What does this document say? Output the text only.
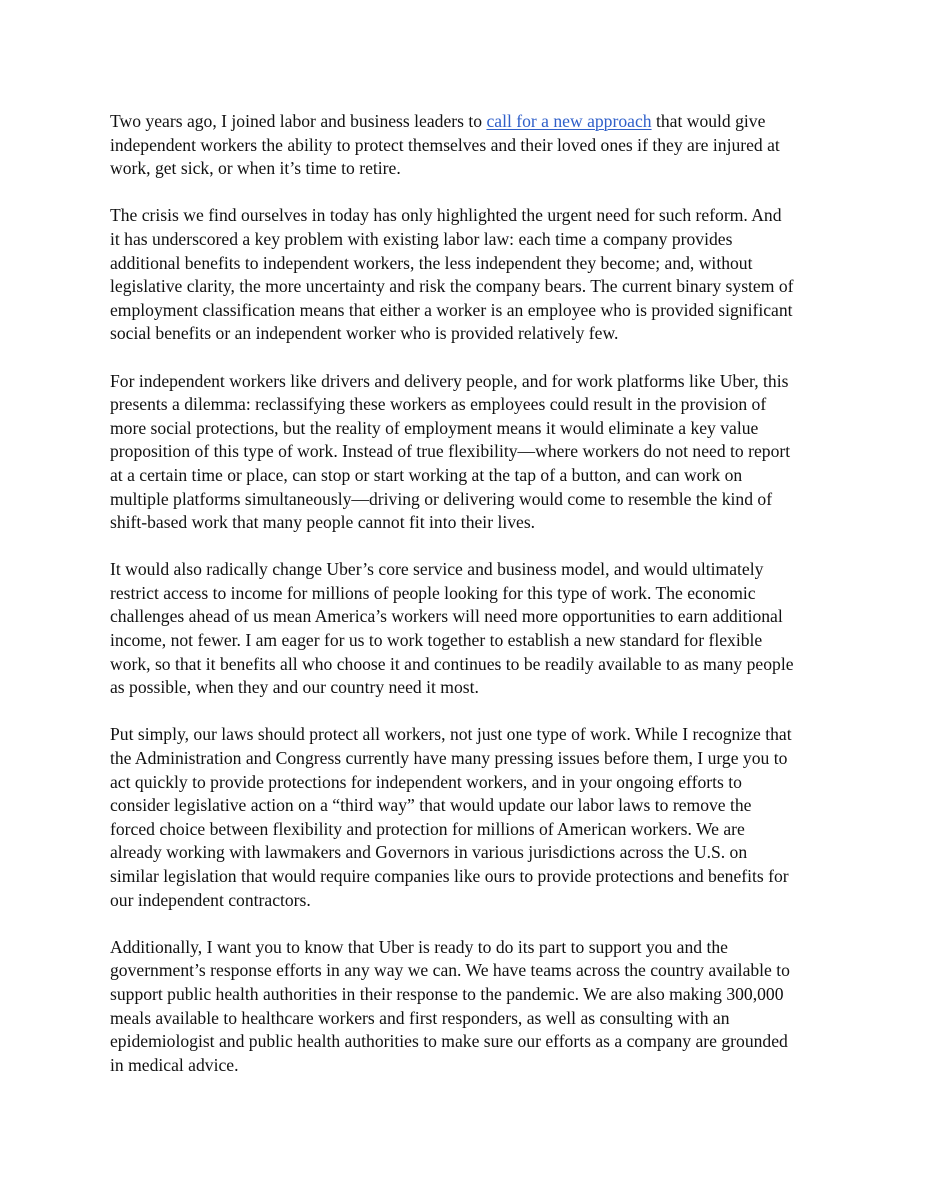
Two years ago, I joined labor and business leaders to call for a new approach that would give
independent workers the ability to protect themselves and their loved ones if they are injured at
work, get sick, or when it’s time to retire.

The crisis we find ourselves in today has only highlighted the urgent need for such reform. And
it has underscored a key problem with existing labor law: each time a company provides
additional benefits to independent workers, the less independent they become; and, without
legislative clarity, the more uncertainty and risk the company bears. The current binary system of
employment classification means that either a worker is an employee who is provided significant
social benefits or an independent worker who is provided relatively few.

For independent workers like drivers and delivery people, and for work platforms like Uber, this
presents a dilemma: reclassifying these workers as employees could result in the provision of
more social protections, but the reality of employment means it would eliminate a key value
proposition of this type of work. Instead of true flexibility—where workers do not need to report
at a certain time or place, can stop or start working at the tap of a button, and can work on
multiple platforms simultaneously—driving or delivering would come to resemble the kind of
shift-based work that many people cannot fit into their lives.

It would also radically change Uber’s core service and business model, and would ultimately
restrict access to income for millions of people looking for this type of work. The economic
challenges ahead of us mean America’s workers will need more opportunities to earn additional
income, not fewer. I am eager for us to work together to establish a new standard for flexible
work, so that it benefits all who choose it and continues to be readily available to as many people
as possible, when they and our country need it most.

Put simply, our laws should protect all workers, not just one type of work. While I recognize that
the Administration and Congress currently have many pressing issues before them, I urge you to
act quickly to provide protections for independent workers, and in your ongoing efforts to
consider legislative action on a “third way” that would update our labor laws to remove the
forced choice between flexibility and protection for millions of American workers. We are
already working with lawmakers and Governors in various jurisdictions across the U.S. on
similar legislation that would require companies like ours to provide protections and benefits for
our independent contractors.

Additionally, I want you to know that Uber is ready to do its part to support you and the
government’s response efforts in any way we can. We have teams across the country available to
support public health authorities in their response to the pandemic. We are also making 300,000
meals available to healthcare workers and first responders, as well as consulting with an
epidemiologist and public health authorities to make sure our efforts as a company are grounded
in medical advice.
